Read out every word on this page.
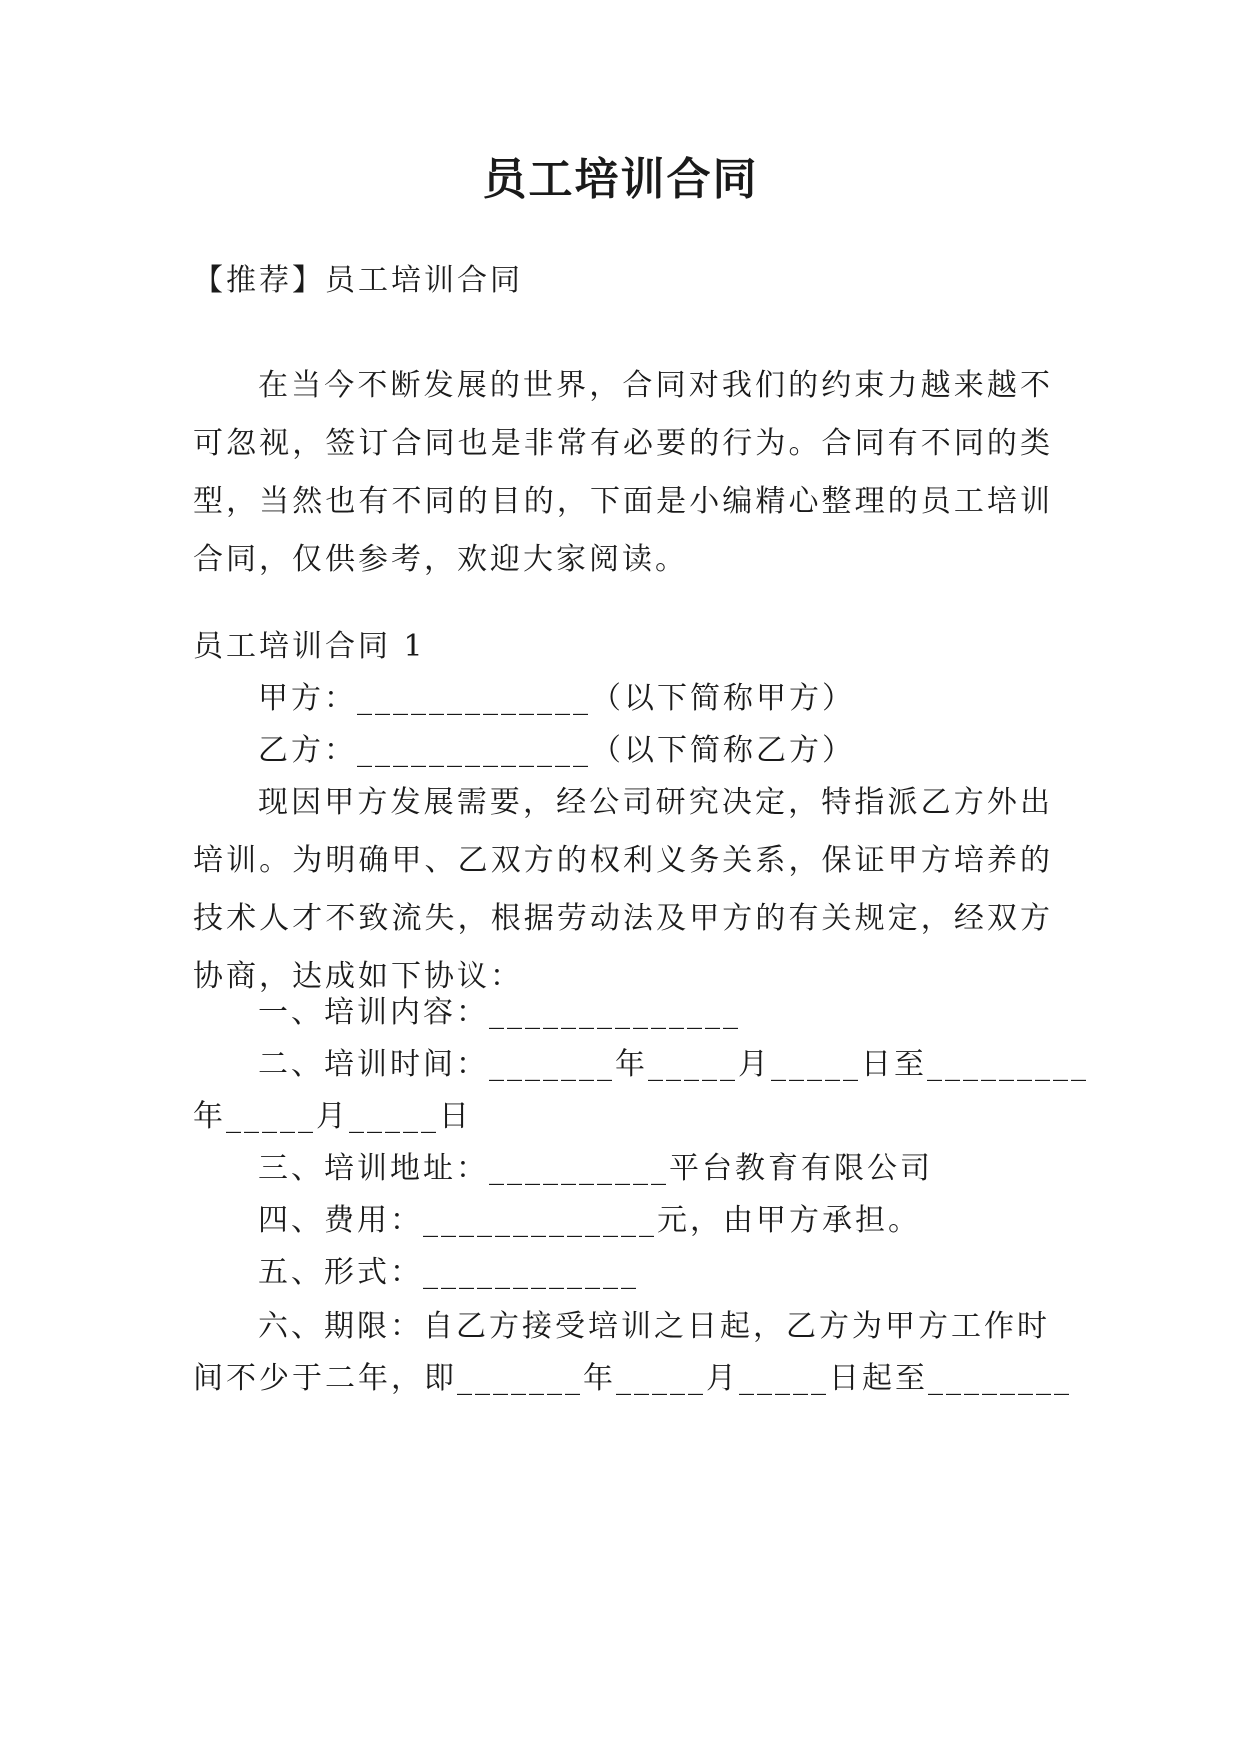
员工培训合同
【推荐】员工培训合同
在当今不断发展的世界，合同对我们的约束力越来越不可忽视，签订合同也是非常有必要的行为。合同有不同的类型，当然也有不同的目的，下面是小编精心整理的员工培训合同，仅供参考，欢迎大家阅读。
员工培训合同 1
甲方：_____________（以下简称甲方）
乙方：_____________（以下简称乙方）
现因甲方发展需要，经公司研究决定，特指派乙方外出培训。为明确甲、乙双方的权利义务关系，保证甲方培养的技术人才不致流失，根据劳动法及甲方的有关规定，经双方协商，达成如下协议：
一、培训内容：______________
二、培训时间：_______年_____月_____日至_________
年_____月_____日
三、培训地址：__________平台教育有限公司
四、费用：_____________元，由甲方承担。
五、形式：____________
六、期限：自乙方接受培训之日起，乙方为甲方工作时
间不少于二年，即_______年_____月_____日起至________
